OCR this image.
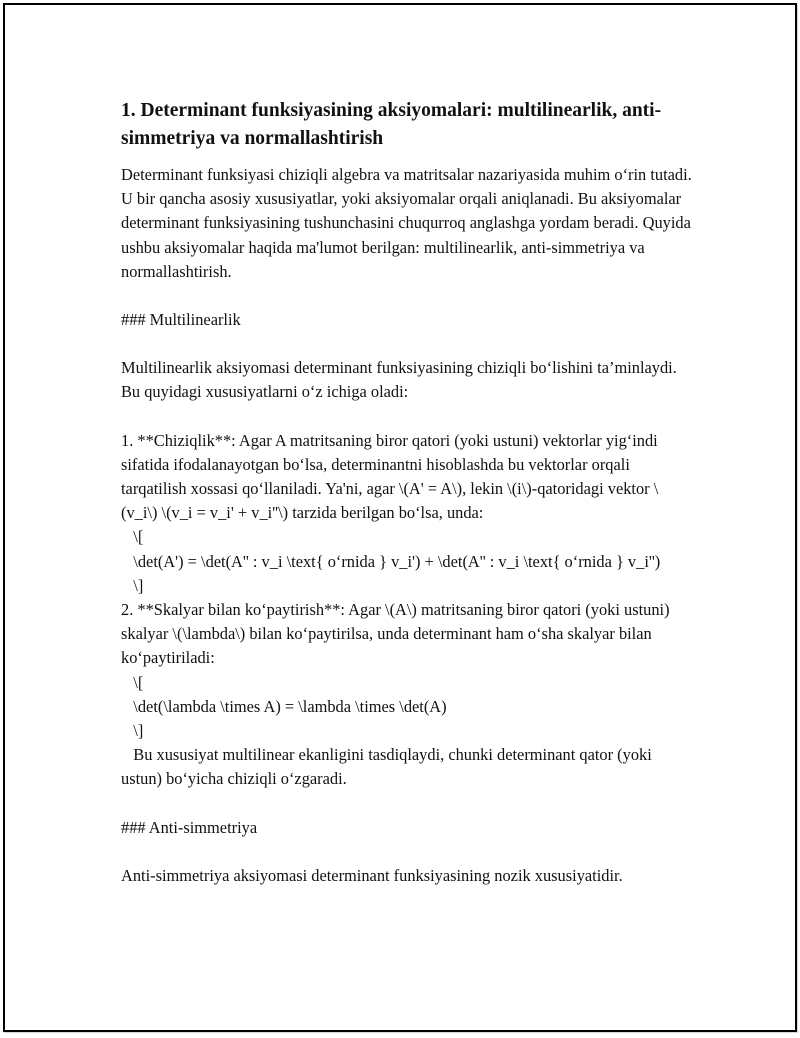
1. Determinant funksiyasining aksiyomalari: multilinearlik, anti-simmetriya va normallashtirish

Determinant funksiyasi chiziqli algebra va matritsalar nazariyasida muhim o‘rin tutadi. U bir qancha asosiy xususiyatlar, yoki aksiyomalar orqali aniqlanadi. Bu aksiyomalar determinant funksiyasining tushunchasini chuqurroq anglashga yordam beradi. Quyida ushbu aksiyomalar haqida ma'lumot berilgan: multilinearlik, anti-simmetriya va normallashtirish.

### Multilinearlik

Multilinearlik aksiyomasi determinant funksiyasining chiziqli bo‘lishini ta’minlaydi. Bu quyidagi xususiyatlarni o‘z ichiga oladi:

1. **Chiziqlik**: Agar A matritsaning biror qatori (yoki ustuni) vektorlar yig‘indi sifatida ifodalanayotgan bo‘lsa, determinantni hisoblashda bu vektorlar orqali tarqatilish xossasi qo‘llaniladi. Ya'ni, agar \(A' = A\), lekin \(i\)-qatoridagi vektor \(v_i\) \(v_i = v_i' + v_i''\) tarzida berilgan bo‘lsa, unda:
\[
\det(A') = \det(A'' : v_i \text{ o‘rnida } v_i') + \det(A'' : v_i \text{ o‘rnida } v_i'')
\]

2. **Skalyar bilan ko‘paytirish**: Agar \(A\) matritsaning biror qatori (yoki ustuni) skalyar \(\lambda\) bilan ko‘paytirilsa, unda determinant ham o‘sha skalyar bilan ko‘paytiriladi:
\[
\det(\lambda \times A) = \lambda \times \det(A)
\]
Bu xususiyat multilinear ekanligini tasdiqlaydi, chunki determinant qator (yoki ustun) bo‘yicha chiziqli o‘zgaradi.

### Anti-simmetriya

Anti-simmetriya aksiyomasi determinant funksiyasining nozik xususiyatidir.
